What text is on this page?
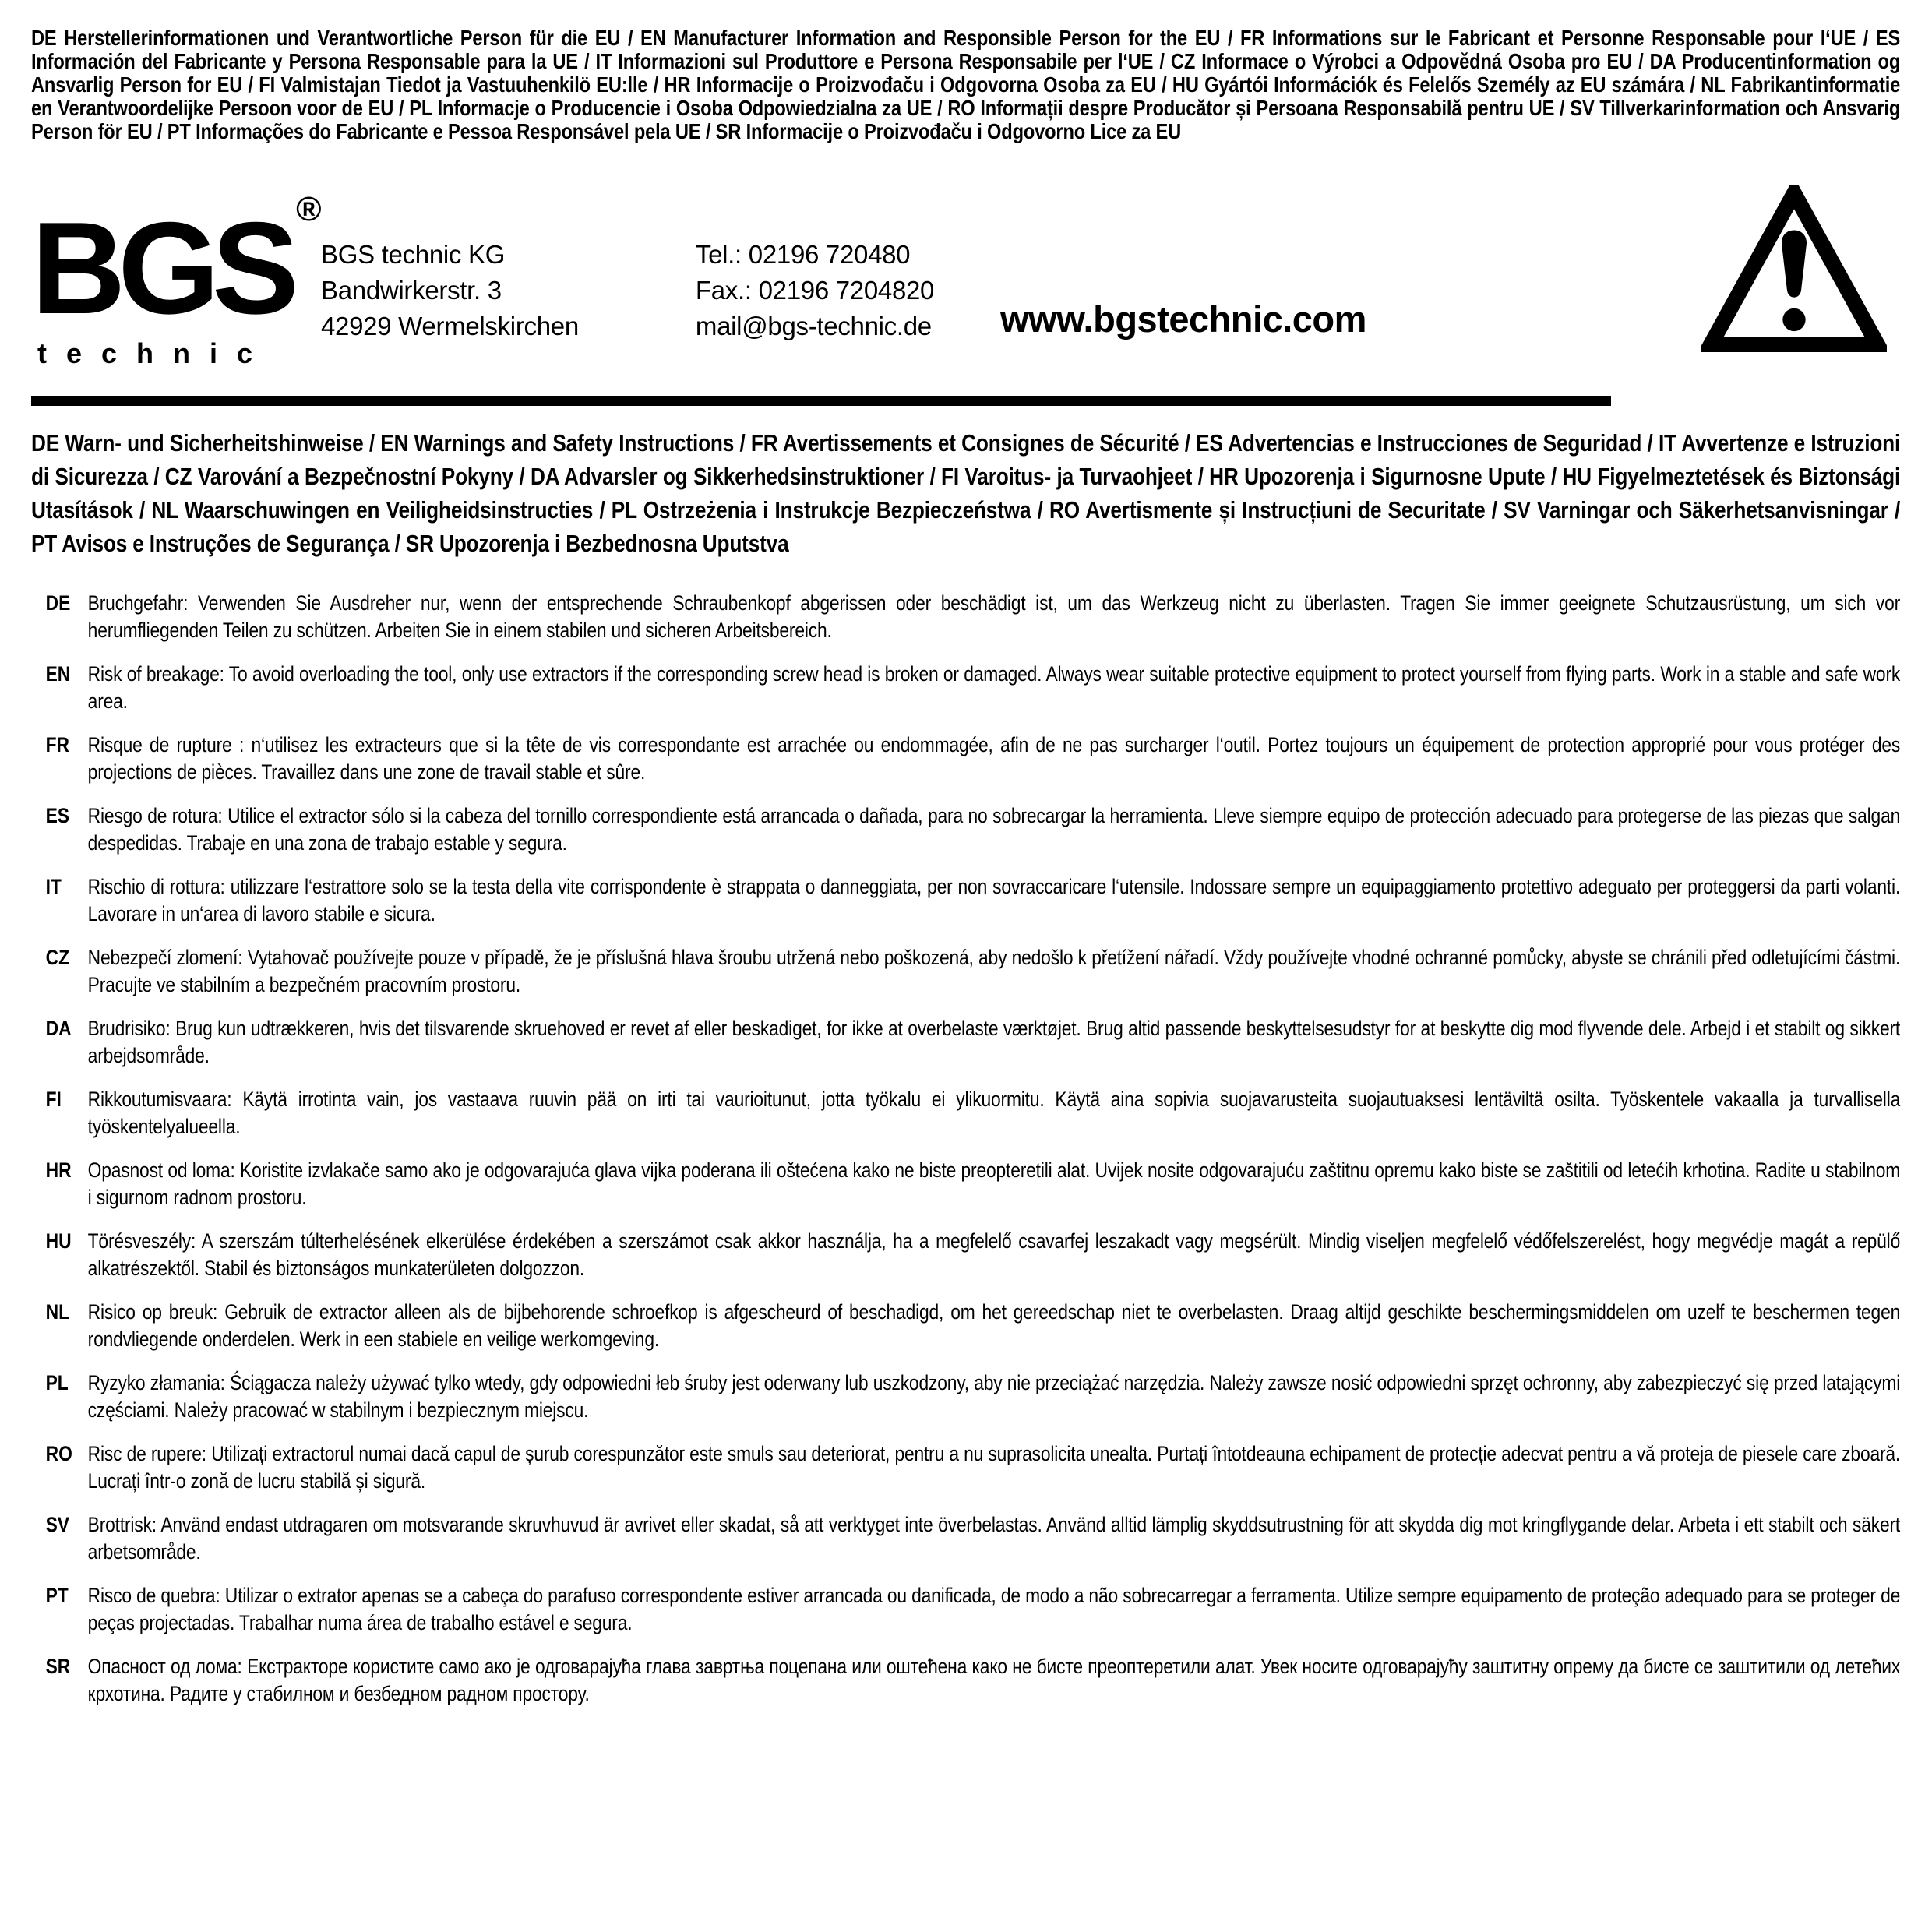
DE Herstellerinformationen und Verantwortliche Person für die EU / EN Manufacturer Information and Responsible Person for the EU / FR Informations sur le Fabricant et Personne Responsable pour l‘UE / ES Información del Fabricante y Persona Responsable para la UE / IT Informazioni sul Produttore e Persona Responsabile per l‘UE / CZ Informace o Výrobci a Odpovědná Osoba pro EU / DA Producentinformation og Ansvarlig Person for EU / FI Valmistajan Tiedot ja Vastuuhenkilö EU:lle / HR Informacije o Proizvođaču i Odgovorna Osoba za EU / HU Gyártói Információk és Felelős Személy az EU számára / NL Fabrikantinformatie en Verantwoordelijke Persoon voor de EU / PL Informacje o Producencie i Osoba Odpowiedzialna za UE / RO Informații despre Producător și Persoana Responsabilă pentru UE / SV Tillverkarinformation och Ansvarig Person för EU / PT Informações do Fabricante e Pessoa Responsável pela UE / SR Informacije o Proizvođaču i Odgovorno Lice za EU
BGS ®
technic
BGS technic KG
Bandwirkerstr. 3
42929 Wermelskirchen
Tel.: 02196 720480
Fax.: 02196 7204820
mail@bgs-technic.de www.bgstechnic.com
DE Warn- und Sicherheitshinweise / EN Warnings and Safety Instructions / FR Avertissements et Consignes de Sécurité / ES Advertencias e Instrucciones de Seguridad / IT Avvertenze e Istruzioni di Sicurezza / CZ Varování a Bezpečnostní Pokyny / DA Advarsler og Sikkerhedsinstruktioner / FI Varoitus- ja Turvaohjeet / HR Upozorenja i Sigurnosne Upute / HU Figyelmeztetések és Biztonsági Utasítások / NL Waarschuwingen en Veiligheidsinstructies / PL Ostrzeżenia i Instrukcje Bezpieczeństwa / RO Avertismente și Instrucțiuni de Securitate / SV Varningar och Säkerhetsanvisningar / PT Avisos e Instruções de Segurança / SR Upozorenja i Bezbednosna Uputstva
DE Bruchgefahr: Verwenden Sie Ausdreher nur, wenn der entsprechende Schraubenkopf abgerissen oder beschädigt ist, um das Werkzeug nicht zu überlasten. Tragen Sie immer geeignete Schutzausrüstung, um sich vor herumfliegenden Teilen zu schützen. Arbeiten Sie in einem stabilen und sicheren Arbeitsbereich.
EN Risk of breakage: To avoid overloading the tool, only use extractors if the corresponding screw head is broken or damaged. Always wear suitable protective equipment to protect yourself from flying parts. Work in a stable and safe work area.
FR Risque de rupture : n‘utilisez les extracteurs que si la tête de vis correspondante est arrachée ou endommagée, afin de ne pas surcharger l‘outil. Portez toujours un équipement de protection approprié pour vous protéger des projections de pièces. Travaillez dans une zone de travail stable et sûre.
ES Riesgo de rotura: Utilice el extractor sólo si la cabeza del tornillo correspondiente está arrancada o dañada, para no sobrecargar la herramienta. Lleve siempre equipo de protección adecuado para protegerse de las piezas que salgan despedidas. Trabaje en una zona de trabajo estable y segura.
IT	Rischio di rottura: utilizzare l‘estrattore solo se la testa della vite corrispondente è strappata o danneggiata, per non sovraccaricare l‘utensile. Indossare sempre un equipaggiamento protettivo adeguato per proteggersi da parti volanti. Lavorare in un‘area di lavoro stabile e sicura.
CZ Nebezpečí zlomení: Vytahovač používejte pouze v případě, že je příslušná hlava šroubu utržená nebo poškozená, aby nedošlo k přetížení nářadí. Vždy používejte vhodné ochranné pomůcky, abyste se chránili před odletujícími částmi. Pracujte ve stabilním a bezpečném pracovním prostoru.
DA Brudrisiko: Brug kun udtrækkeren, hvis det tilsvarende skruehoved er revet af eller beskadiget, for ikke at overbelaste værktøjet. Brug altid passende beskyttelsesudstyr for at beskytte dig mod flyvende dele. Arbejd i et stabilt og sikkert arbejdsområde.
FI	Rikkoutumisvaara: Käytä irrotinta vain, jos vastaava ruuvin pää on irti tai vaurioitunut, jotta työkalu ei ylikuormitu. Käytä aina sopivia suojavarusteita suojautuaksesi lentäviltä osilta. Työskentele vakaalla ja turvallisella työskentelyalueella.
HR Opasnost od loma: Koristite izvlakače samo ako je odgovarajuća glava vijka poderana ili oštećena kako ne biste preopteretili alat. Uvijek nosite odgovarajuću zaštitnu opremu kako biste se zaštitili od letećih krhotina. Radite u stabilnom i sigurnom radnom prostoru.
HU Törésveszély: A szerszám túlterhelésének elkerülése érdekében a szerszámot csak akkor használja, ha a megfelelő csavarfej leszakadt vagy megsérült. Mindig viseljen megfelelő védőfelszerelést, hogy megvédje magát a repülő alkatrészektől. Stabil és biztonságos munkaterületen dolgozzon.
NL Risico op breuk: Gebruik de extractor alleen als de bijbehorende schroefkop is afgescheurd of beschadigd, om het gereedschap niet te overbelasten. Draag altijd geschikte beschermingsmiddelen om uzelf te beschermen tegen rondvliegende onderdelen. Werk in een stabiele en veilige werkomgeving.
PL Ryzyko złamania: Ściągacza należy używać tylko wtedy, gdy odpowiedni łeb śruby jest oderwany lub uszkodzony, aby nie przeciążać narzędzia. Należy zawsze nosić odpowiedni sprzęt ochronny, aby zabezpieczyć się przed latającymi częściami. Należy pracować w stabilnym i bezpiecznym miejscu.
RO Risc de rupere: Utilizați extractorul numai dacă capul de șurub corespunzător este smuls sau deteriorat, pentru a nu suprasolicita unealta. Purtați întotdeauna echipament de protecție adecvat pentru a vă proteja de piesele care zboară. Lucrați într-o zonă de lucru stabilă și sigură.
SV Brottrisk: Använd endast utdragaren om motsvarande skruvhuvud är avrivet eller skadat, så att verktyget inte överbelastas. Använd alltid lämplig skyddsutrustning för att skydda dig mot kringflygande delar. Arbeta i ett stabilt och säkert arbetsområde.
PT Risco de quebra: Utilizar o extrator apenas se a cabeça do parafuso correspondente estiver arrancada ou danificada, de modo a não sobrecarregar a ferramenta. Utilize sempre equipamento de proteção adequado para se proteger de peças projectadas. Trabalhar numa área de trabalho estável e segura.
SR Опасност од лома: Екстракторе користите само ако је одговарајућа глава завртња поцепана или оштећена како не бисте преоптеретили алат. Увек носите одговарајућу заштитну опрему да бисте се заштитили од летећих крхотина. Радите у стабилном и безбедном радном простору.
